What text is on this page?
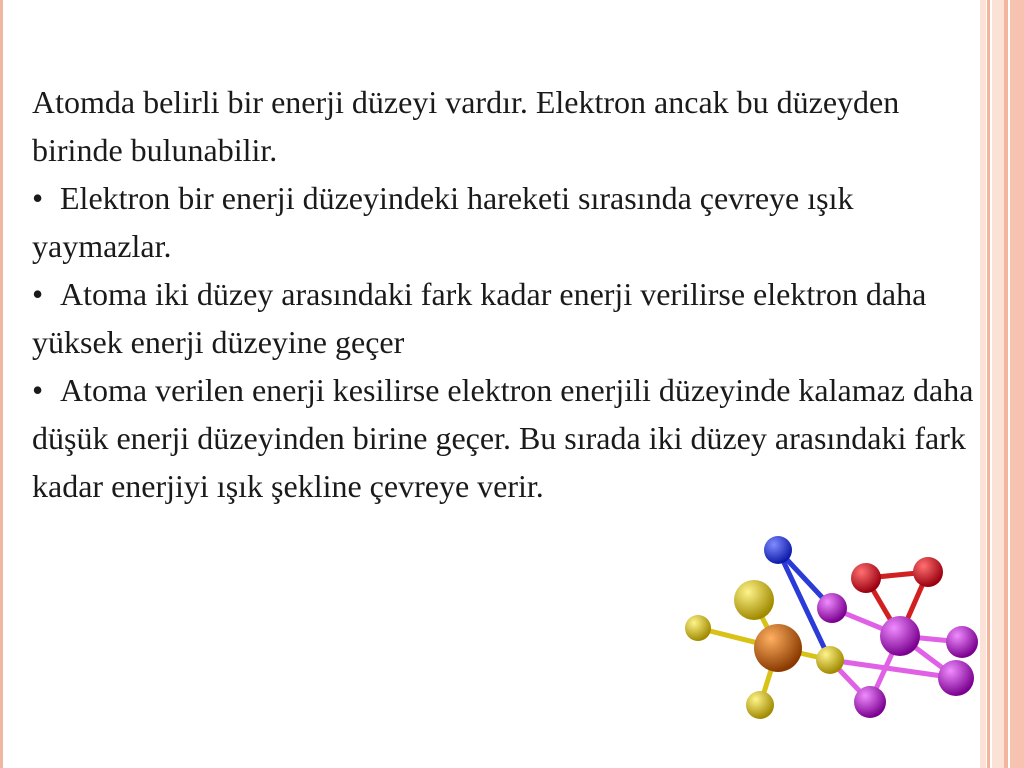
Atomda belirli bir enerji düzeyi vardır. Elektron ancak bu düzeyden birinde bulunabilir.

• Elektron bir enerji düzeyindeki hareketi sırasında çevreye ışık yaymazlar.

• Atoma iki düzey arasındaki fark kadar enerji verilirse elektron daha yüksek enerji düzeyine geçer

• Atoma verilen enerji kesilirse elektron enerjili düzeyinde kalamaz daha düşük enerji düzeyinden birine geçer. Bu sırada iki düzey arasındaki fark kadar enerjiyi ışık şekline çevreye verir.
